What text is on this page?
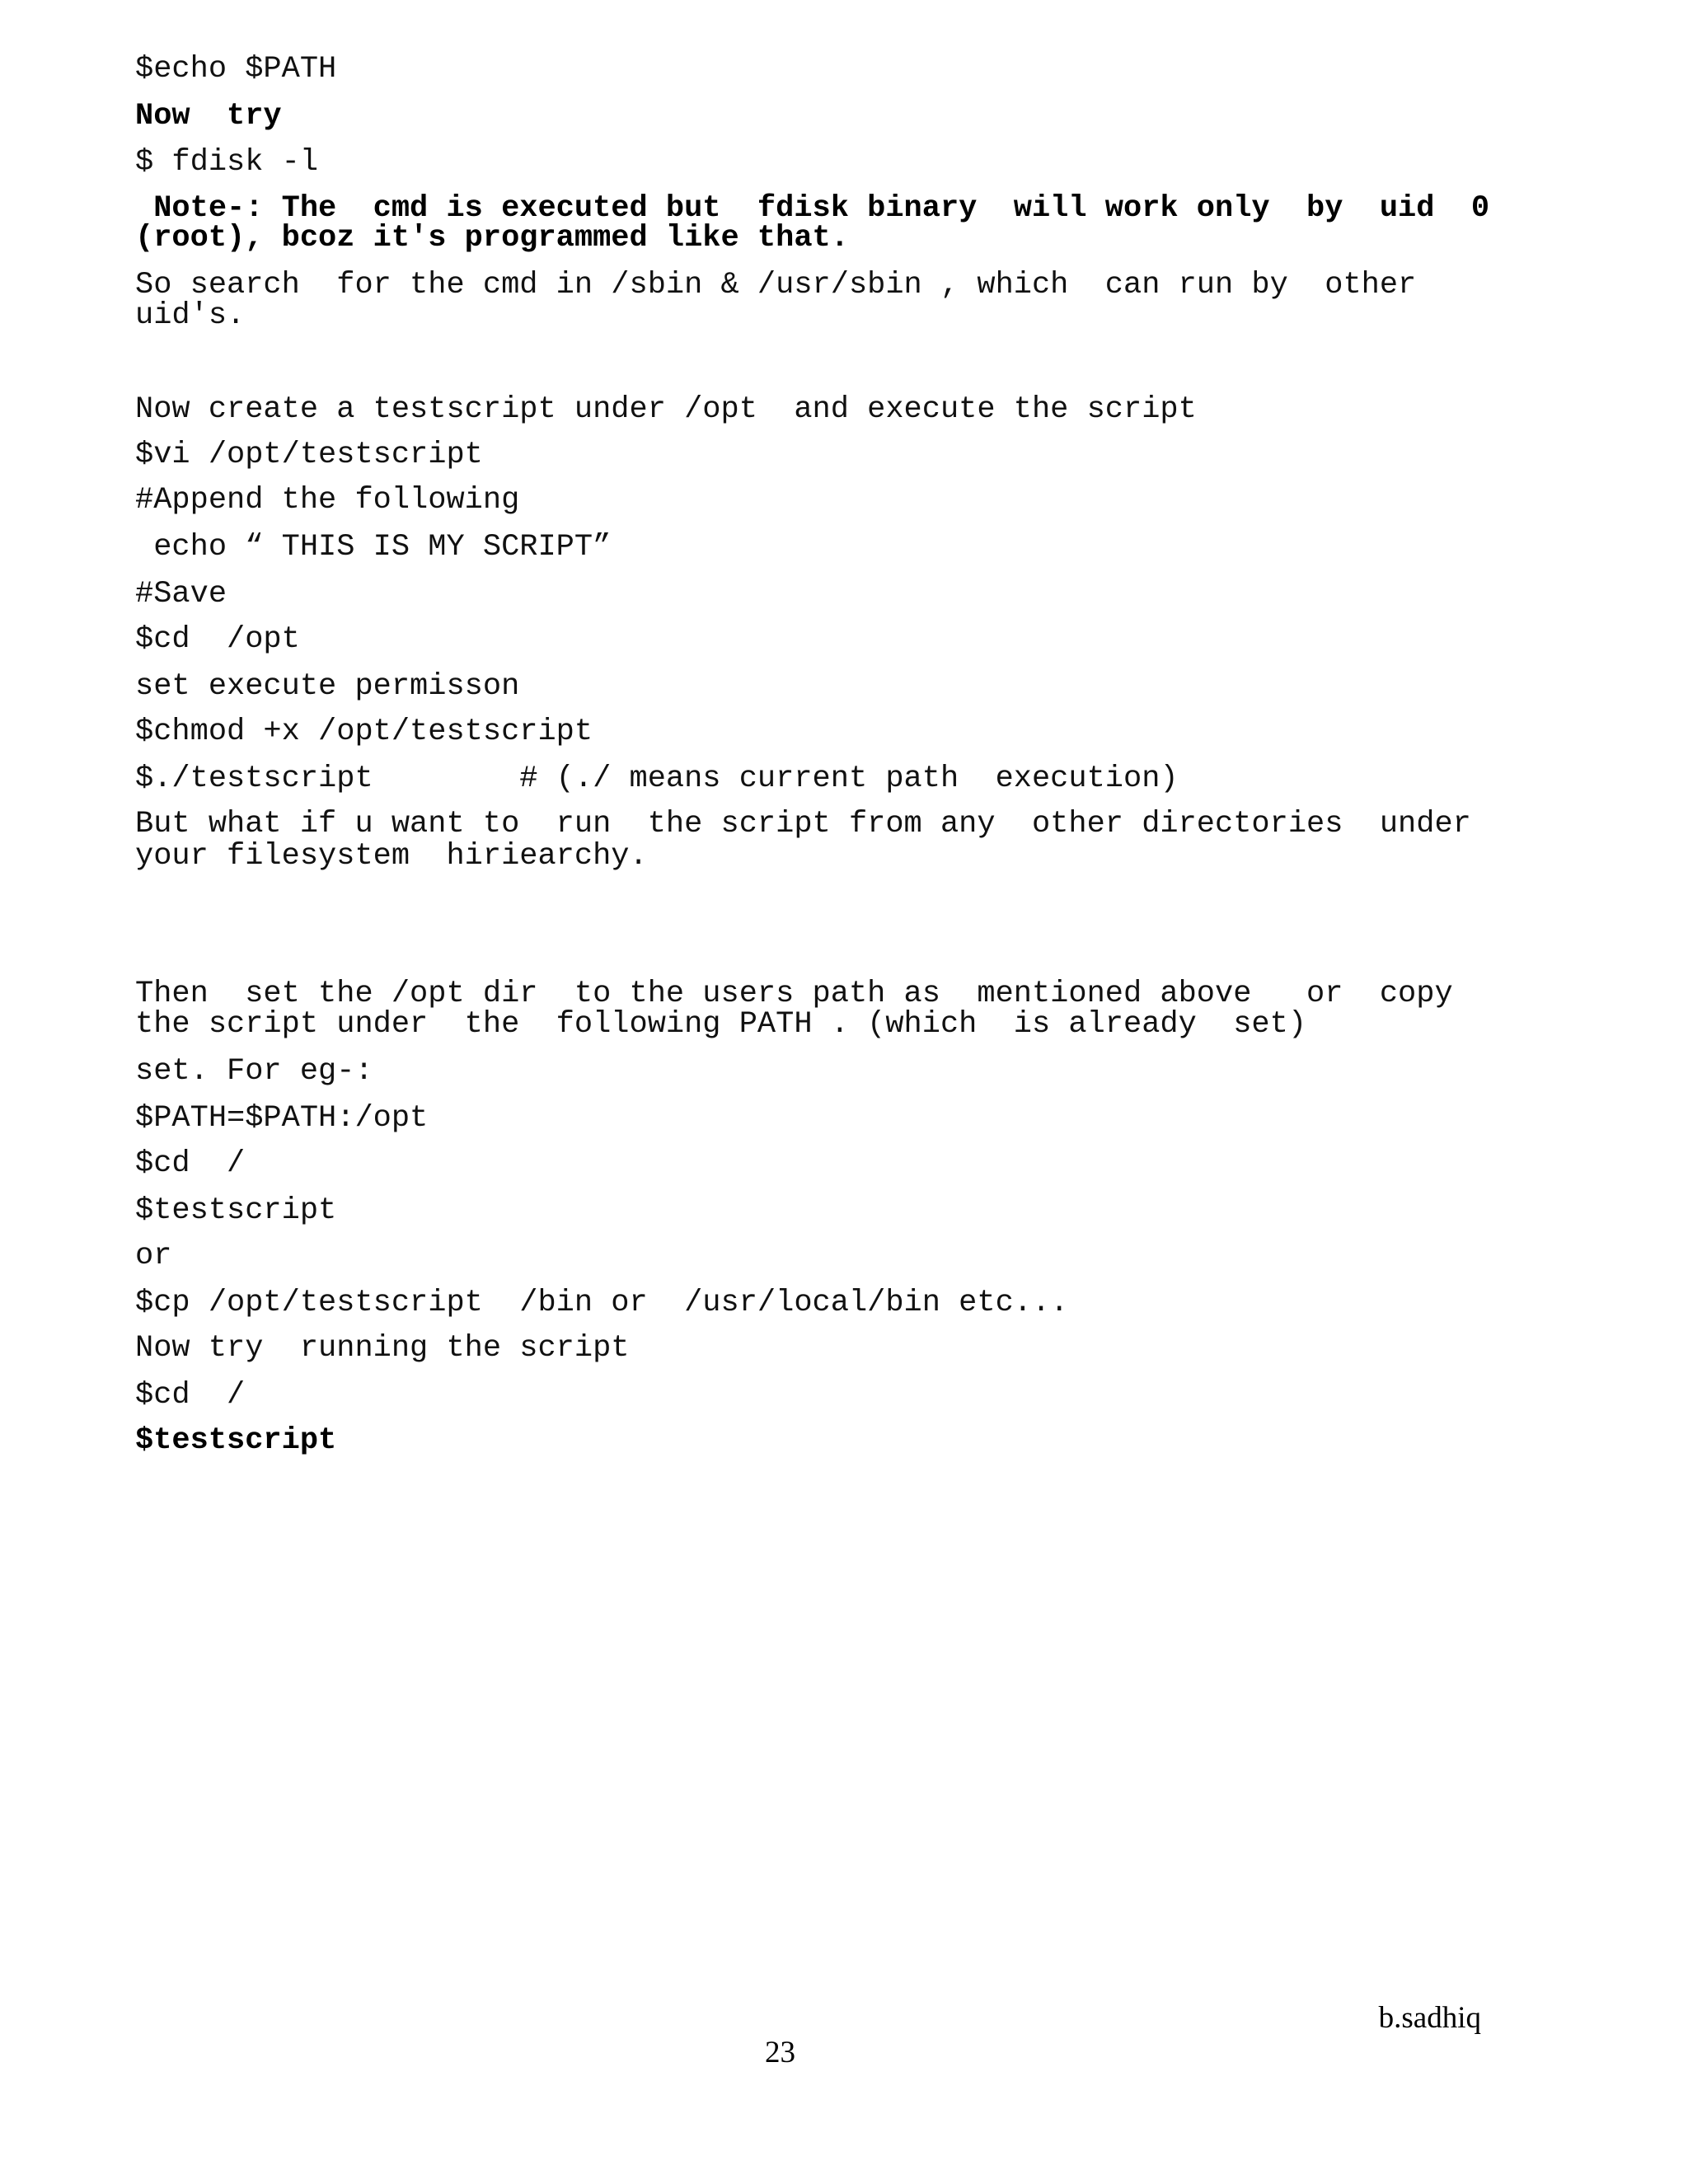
$echo $PATH
Now  try
$ fdisk -l
Note-: The  cmd is executed but  fdisk binary  will work only  by  uid  0
(root), bcoz it's programmed like that.
So search  for the cmd in /sbin & /usr/sbin , which  can run by  other
uid's.
Now create a testscript under /opt  and execute the script
$vi /opt/testscript
#Append the following
echo “ THIS IS MY SCRIPT”
#Save
$cd  /opt
set execute permisson
$chmod +x /opt/testscript
$./testscript        # (./ means current path  execution)
But what if u want to  run  the script from any  other directories  under
your filesystem  hiriearchy.
Then  set the /opt dir  to the users path as  mentioned above   or  copy
the script under  the  following PATH . (which  is already  set)
set. For eg-:
$PATH=$PATH:/opt
$cd  /
$testscript
or
$cp /opt/testscript  /bin or  /usr/local/bin etc...
Now try  running the script
$cd  /
$testscript
b.sadhiq
23
